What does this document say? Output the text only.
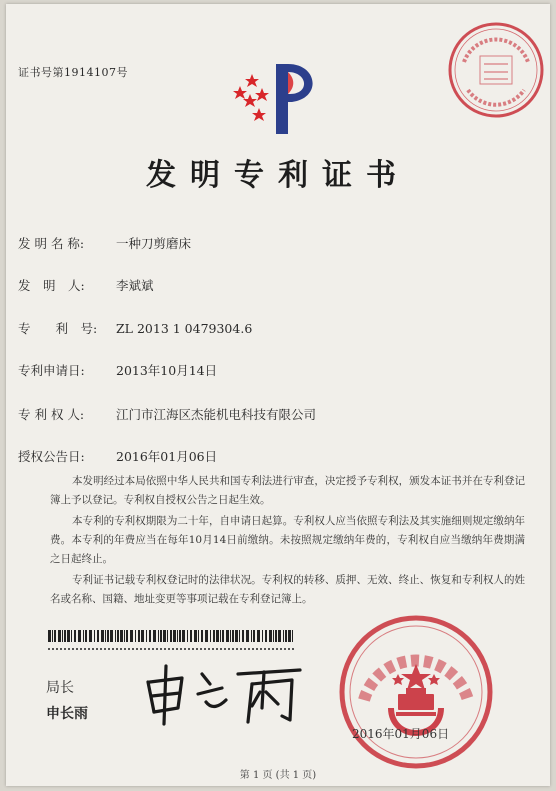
证书号第1914107号
发明专利证书
发 明 名 称:	一种刀剪磨床
发　明　人:	李斌斌
专　　利　号: ZL 2013 1 0479304.6
专利申请日:	2013年10月14日
专 利 权 人:	江门市江海区杰能机电科技有限公司
授权公告日:	2016年01月06日

本发明经过本局依照中华人民共和国专利法进行审查，决定授予专利权，颁发本证书并在专利登记簿上予以登记。专利权自授权公告之日起生效。

本专利的专利权期限为二十年，自申请日起算。专利权人应当依照专利法及其实施细则规定缴纳年费。本专利的年费应当在每年10月14日前缴纳。未按照规定缴纳年费的，专利权自应当缴纳年费期满之日起终止。

专利证书记载专利权登记时的法律状况。专利权的转移、质押、无效、终止、恢复和专利权人的姓名或名称、国籍、地址变更等事项记载在专利登记簿上。

局长
申长雨
2016年01月06日
第 1 页 (共 1 页)
